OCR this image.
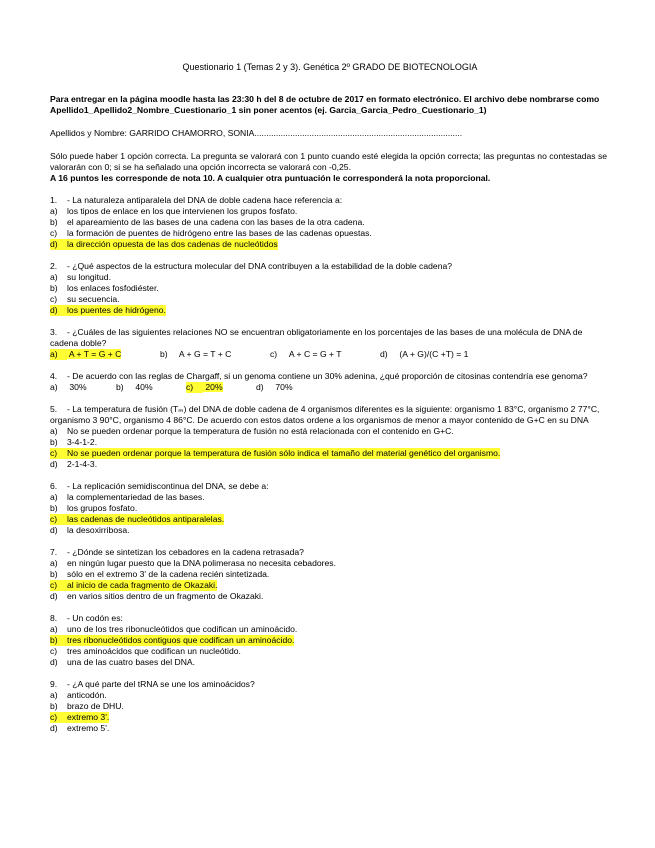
Questionario 1 (Temas 2 y 3). Genética 2º GRADO DE BIOTECNOLOGIA
Para entregar en la página moodle hasta las 23:30 h del 8 de octubre de 2017 en formato electrónico. El archivo debe nombrarse como Apellido1_Apellido2_Nombre_Cuestionario_1 sin poner acentos (ej. Garcia_Garcia_Pedro_Cuestionario_1)
Apellidos y Nombre: GARRIDO CHAMORRO, SONIA.......................................................................................
Sólo puede haber 1 opción correcta. La pregunta se valorará con 1 punto cuando esté elegida la opción correcta; las preguntas no contestadas se valorarán con 0; si se ha señalado una opción incorrecta se valorará con -0,25.
A 16 puntos les corresponde de nota 10. A cualquier otra puntuación le corresponderá la nota proporcional.
1. - La naturaleza antiparalela del DNA de doble cadena hace referencia a:
a)	los tipos de enlace en los que intervienen los grupos fosfato.
b)	el apareamiento de las bases de una cadena con las bases de la otra cadena.
c)	la formación de puentes de hidrógeno entre las bases de las cadenas opuestas.
d)	la dirección opuesta de las dos cadenas de nucleótidos
2. - ¿Qué aspectos de la estructura molecular del DNA contribuyen a la estabilidad de la doble cadena?
a)	su longitud.
b)	los enlaces fosfodiéster.
c)	su secuencia.
d)	los puentes de hidrógeno.
3. - ¿Cuáles de las siguientes relaciones NO se encuentran obligatoriamente en los porcentajes de las bases de una molécula de DNA de cadena doble?
a) A + T = G + C	b) A + G = T + C	c) A + C = G + T	d) (A + G)/(C +T) = 1
4. - De acuerdo con las reglas de Chargaff, si un genoma contiene un 30% adenina, ¿qué proporción de citosinas contendría ese genoma?
a) 30%	b) 40%	c) 20%	d) 70%
5. - La temperatura de fusión (Tₘ) del DNA de doble cadena de 4 organismos diferentes es la siguiente: organismo 1 83°C, organismo 2 77°C, organismo 3 90°C, organismo 4 86°C. De acuerdo con estos datos ordene a los organismos de menor a mayor contenido de G+C en su DNA
a)	No se pueden ordenar porque la temperatura de fusión no está relacionada con el contenido en G+C.
b)	3-4-1-2.
c)	No se pueden ordenar porque la temperatura de fusión sólo indica el tamaño del material genético del organismo.
d)	2-1-4-3.
6. - La replicación semidiscontinua del DNA, se debe a:
a)	la complementariedad de las bases.
b)	los grupos fosfato.
c)	las cadenas de nucleótidos antiparalelas.
d)	la desoxirribosa.
7. - ¿Dónde se sintetizan los cebadores en la cadena retrasada?
a)	en ningún lugar puesto que la DNA polimerasa no necesita cebadores.
b)	sólo en el extremo 3' de la cadena recién sintetizada.
c)	al inicio de cada fragmento de Okazaki.
d)	en varios sitios dentro de un fragmento de Okazaki.
8. - Un codón es:
a)	uno de los tres ribonucleótidos que codifican un aminoácido.
b)	tres ribonucleótidos contiguos que codifican un aminoácido.
c)	tres aminoácidos que codifican un nucleótido.
d)	una de las cuatro bases del DNA.
9. - ¿A qué parte del tRNA se une los aminoácidos?
a)	anticodón.
b)	brazo de DHU.
c)	extremo 3'.
d)	extremo 5'.
